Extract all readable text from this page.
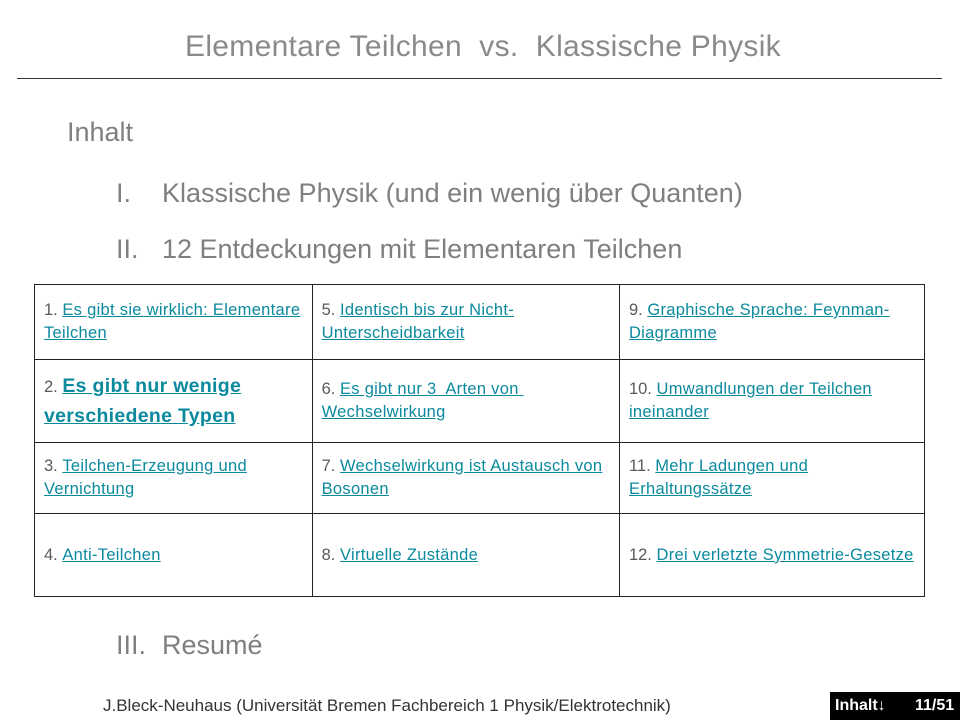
Elementare Teilchen  vs.  Klassische Physik
Inhalt
I. Klassische Physik (und ein wenig über Quanten)
II. 12 Entdeckungen mit Elementaren Teilchen
1. Es gibt sie wirklich: Elementare Teilchen	5. Identisch bis zur Nicht-Unterscheidbarkeit	9. Graphische Sprache: Feynman-Diagramme
2. Es gibt nur wenige verschiedene Typen	6. Es gibt nur 3  Arten von Wechselwirkung	10. Umwandlungen der Teilchen ineinander
3. Teilchen-Erzeugung und Vernichtung	7. Wechselwirkung ist Austausch von Bosonen	11. Mehr Ladungen und Erhaltungssätze
4. Anti-Teilchen	8. Virtuelle Zustände	12. Drei verletzte Symmetrie-Gesetze
III. Resumé
J.Bleck-Neuhaus (Universität Bremen Fachbereich 1 Physik/Elektrotechnik)	Inhalt↓ 11/51
